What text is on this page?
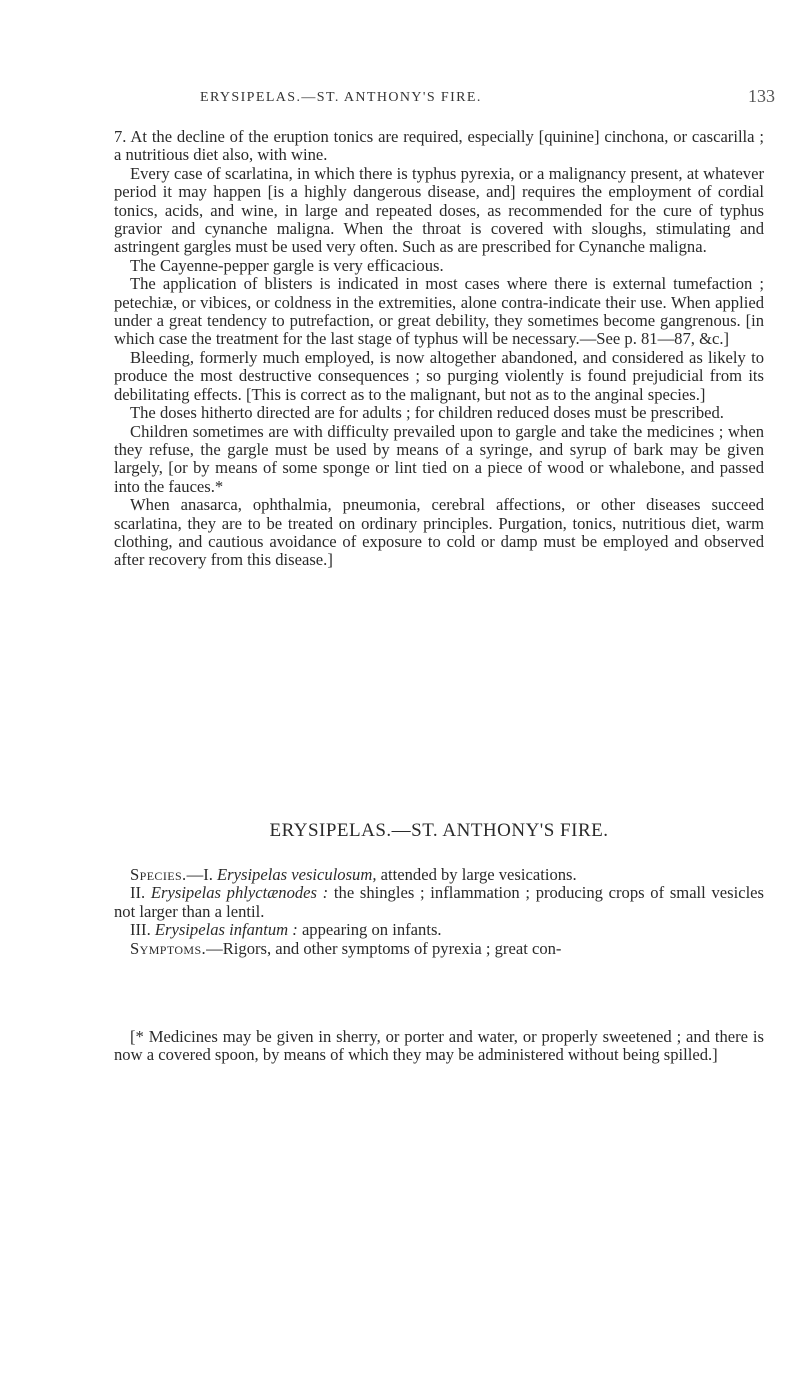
ERYSIPELAS.—ST. ANTHONY'S FIRE.	133

7. At the decline of the eruption tonics are required, especially [quinine] cinchona, or cascarilla ; a nutritious diet also, with wine.

Every case of scarlatina, in which there is typhus pyrexia, or a malignancy present, at whatever period it may happen [is a highly dangerous disease, and] requires the employment of cordial tonics, acids, and wine, in large and repeated doses, as recommended for the cure of typhus gravior and cynanche maligna. When the throat is covered with sloughs, stimulating and astringent gargles must be used very often. Such as are prescribed for Cynanche maligna.

The Cayenne-pepper gargle is very efficacious.

The application of blisters is indicated in most cases where there is external tumefaction ; petechiæ, or vibices, or coldness in the extremities, alone contra-indicate their use. When applied under a great tendency to putrefaction, or great debility, they sometimes become gangrenous. [in which case the treatment for the last stage of typhus will be necessary.—See p. 81—87, &c.]

Bleeding, formerly much employed, is now altogether abandoned, and considered as likely to produce the most destructive consequences ; so purging violently is found prejudicial from its debilitating effects. [This is correct as to the malignant, but not as to the anginal species.]

The doses hitherto directed are for adults ; for children reduced doses must be prescribed.

Children sometimes are with difficulty prevailed upon to gargle and take the medicines ; when they refuse, the gargle must be used by means of a syringe, and syrup of bark may be given largely, [or by means of some sponge or lint tied on a piece of wood or whalebone, and passed into the fauces.*

When anasarca, ophthalmia, pneumonia, cerebral affections, or other diseases succeed scarlatina, they are to be treated on ordinary principles. Purgation, tonics, nutritious diet, warm clothing, and cautious avoidance of exposure to cold or damp must be employed and observed after recovery from this disease.]

ERYSIPELAS.—ST. ANTHONY'S FIRE.

Species.—I. Erysipelas vesiculosum, attended by large vesications.

II. Erysipelas phlyctænodes : the shingles ; inflammation ; producing crops of small vesicles not larger than a lentil.

III. Erysipelas infantum : appearing on infants.

Symptoms.—Rigors, and other symptoms of pyrexia ; great con-

[* Medicines may be given in sherry, or porter and water, or properly sweetened ; and there is now a covered spoon, by means of which they may be administered without being spilled.]
